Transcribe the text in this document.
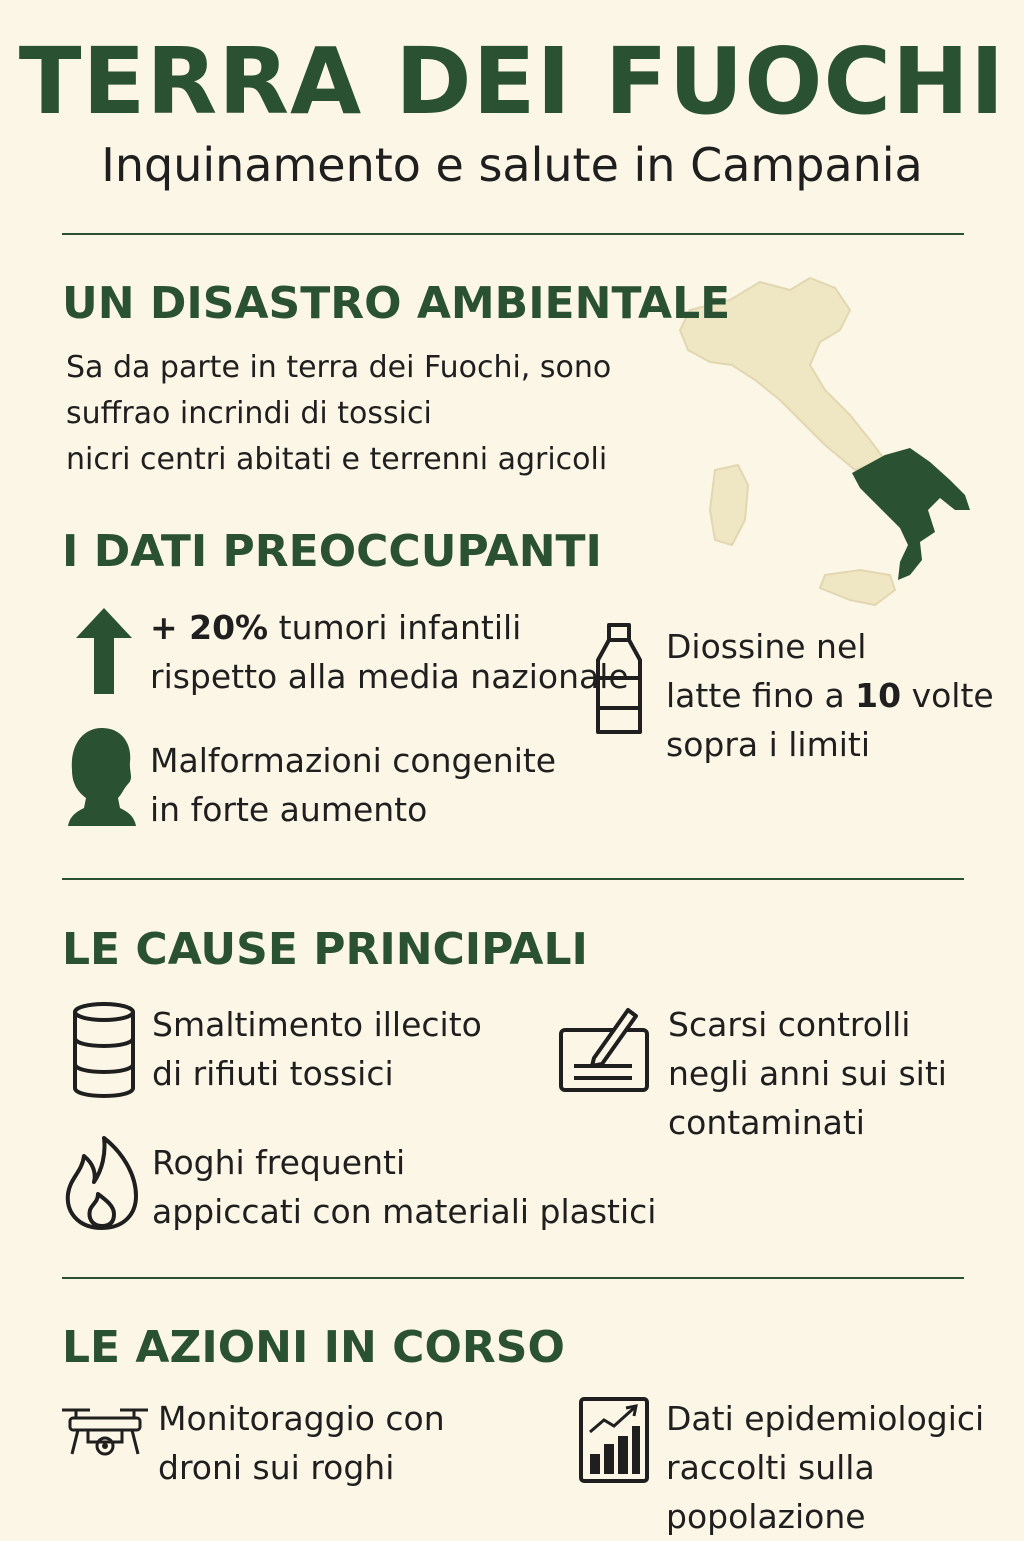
TERRA DEI FUOCHI

Inquinamento e salute in Campania

UN DISASTRO AMBIENTALE
Sa da parte in terra dei Fuochi, sono
suffrao incrindi di tossici
nicri centri abitati e terrenni agricoli
I DATI PREOCCUPANTI
+ 20% tumori infantili
rispetto alla media nazionale
Malformazioni congenite
in forte aumento
Diossine nel
latte fino a 10 volte
sopra i limiti
LE CAUSE PRINCIPALI
Smaltimento illecito
di rifiuti tossici
Scarsi controlli
negli anni sui siti
contaminati
Roghi frequenti
appiccati con materiali plastici
LE AZIONI IN CORSO
Monitoraggio con
droni sui roghi
Dati epidemiologici
raccolti sulla
popolazione
